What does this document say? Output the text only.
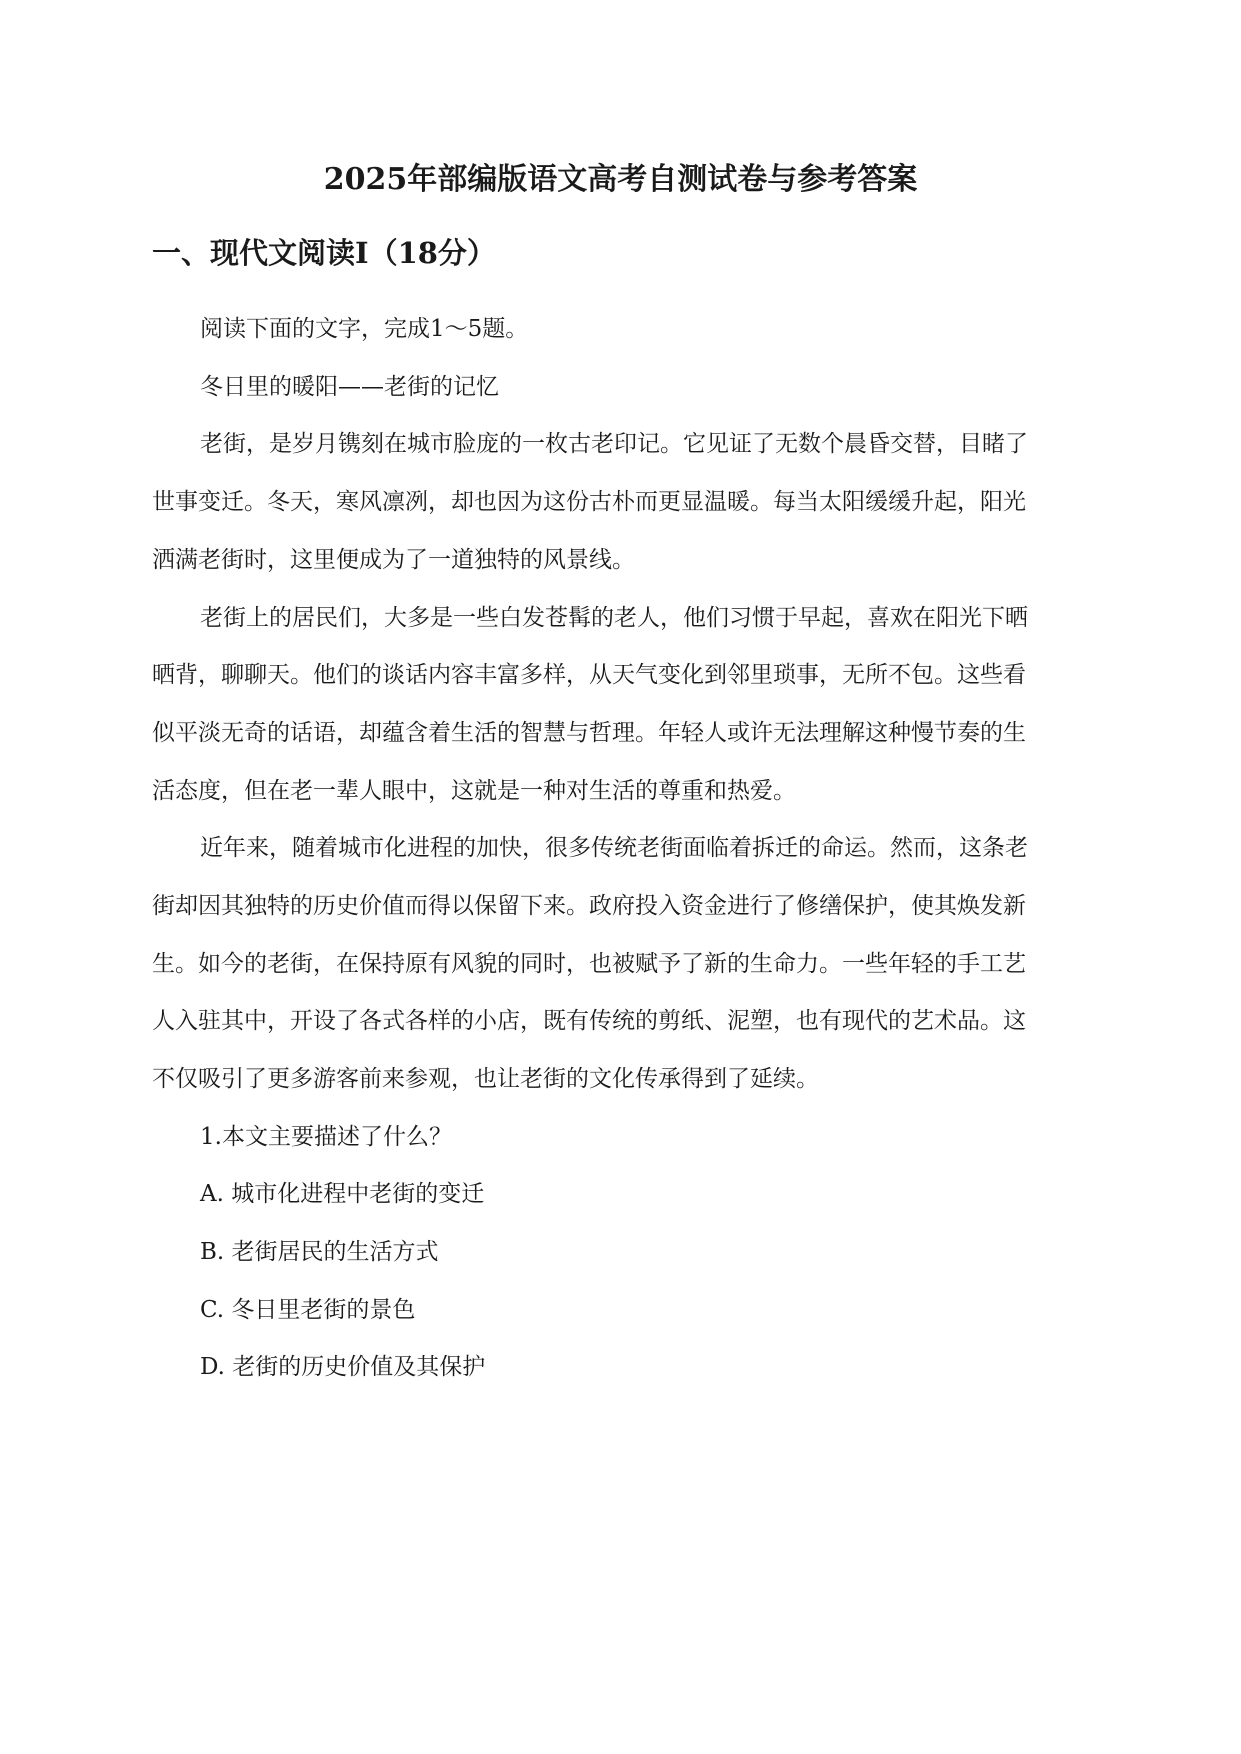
2025年部编版语文高考自测试卷与参考答案
一、现代文阅读Ⅰ（18分）
阅读下面的文字，完成1～5题。
冬日里的暖阳——老街的记忆
老街，是岁月镌刻在城市脸庞的一枚古老印记。它见证了无数个晨昏交替，目睹了
世事变迁。冬天，寒风凛冽，却也因为这份古朴而更显温暖。每当太阳缓缓升起，阳光
洒满老街时，这里便成为了一道独特的风景线。
老街上的居民们，大多是一些白发苍髯的老人，他们习惯于早起，喜欢在阳光下晒
晒背，聊聊天。他们的谈话内容丰富多样，从天气变化到邻里琐事，无所不包。这些看
似平淡无奇的话语，却蕴含着生活的智慧与哲理。年轻人或许无法理解这种慢节奏的生
活态度，但在老一辈人眼中，这就是一种对生活的尊重和热爱。
近年来，随着城市化进程的加快，很多传统老街面临着拆迁的命运。然而，这条老
街却因其独特的历史价值而得以保留下来。政府投入资金进行了修缮保护，使其焕发新
生。如今的老街，在保持原有风貌的同时，也被赋予了新的生命力。一些年轻的手工艺
人入驻其中，开设了各式各样的小店，既有传统的剪纸、泥塑，也有现代的艺术品。这
不仅吸引了更多游客前来参观，也让老街的文化传承得到了延续。
1.本文主要描述了什么？
A. 城市化进程中老街的变迁
B. 老街居民的生活方式
C. 冬日里老街的景色
D. 老街的历史价值及其保护
